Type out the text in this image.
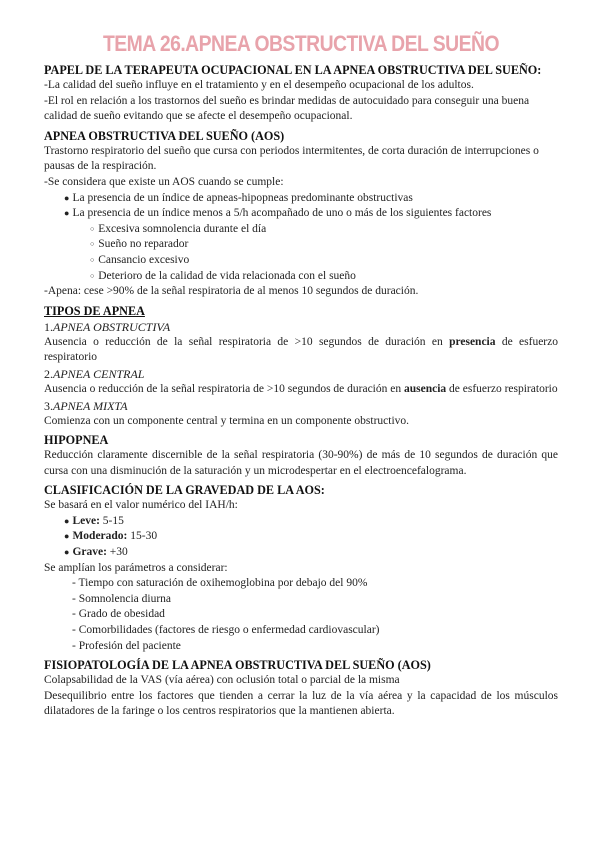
TEMA 26.APNEA OBSTRUCTIVA DEL SUEÑO

PAPEL DE LA TERAPEUTA OCUPACIONAL EN LA APNEA OBSTRUCTIVA DEL SUEÑO:

-La calidad del sueño influye en el tratamiento y en el desempeño ocupacional de los adultos.

-El rol en relación a los trastornos del sueño es brindar medidas de autocuidado para conseguir una buena calidad de sueño evitando que se afecte el desempeño ocupacional.

APNEA OBSTRUCTIVA DEL SUEÑO (AOS)

Trastorno respiratorio del sueño que cursa con periodos intermitentes, de corta duración de interrupciones o pausas de la respiración.

-Se considera que existe un AOS cuando se cumple:

● La presencia de un índice de apneas-hipopneas predominante obstructivas
● La presencia de un índice menos a 5/h acompañado de uno o más de los siguientes factores
○ Excesiva somnolencia durante el día
○ Sueño no reparador
○ Cansancio excesivo
○ Deterioro de la calidad de vida relacionada con el sueño

-Apena: cese >90% de la señal respiratoria de al menos 10 segundos de duración.

TIPOS DE APNEA

1.APNEA OBSTRUCTIVA

Ausencia o reducción de la señal respiratoria de >10 segundos de duración en presencia de esfuerzo respiratorio

2.APNEA CENTRAL

Ausencia o reducción de la señal respiratoria de >10 segundos de duración en ausencia de esfuerzo respiratorio

3.APNEA MIXTA

Comienza con un componente central y termina en un componente obstructivo.

HIPOPNEA

Reducción claramente discernible de la señal respiratoria (30-90%) de más de 10 segundos de duración que cursa con una disminución de la saturación y un microdespertar en el electroencefalograma.

CLASIFICACIÓN DE LA GRAVEDAD DE LA AOS:

Se basará en el valor numérico del IAH/h:

● Leve: 5-15
● Moderado: 15-30
● Grave: +30

Se amplían los parámetros a considerar:

- Tiempo con saturación de oxihemoglobina por debajo del 90%
- Somnolencia diurna
- Grado de obesidad
- Comorbilidades (factores de riesgo o enfermedad cardiovascular)
- Profesión del paciente

FISIOPATOLOGÍA DE LA APNEA OBSTRUCTIVA DEL SUEÑO (AOS)

Colapsabilidad de la VAS (vía aérea) con oclusión total o parcial de la misma

Desequilibrio entre los factores que tienden a cerrar la luz de la vía aérea y la capacidad de los músculos dilatadores de la faringe o los centros respiratorios que la mantienen abierta.
